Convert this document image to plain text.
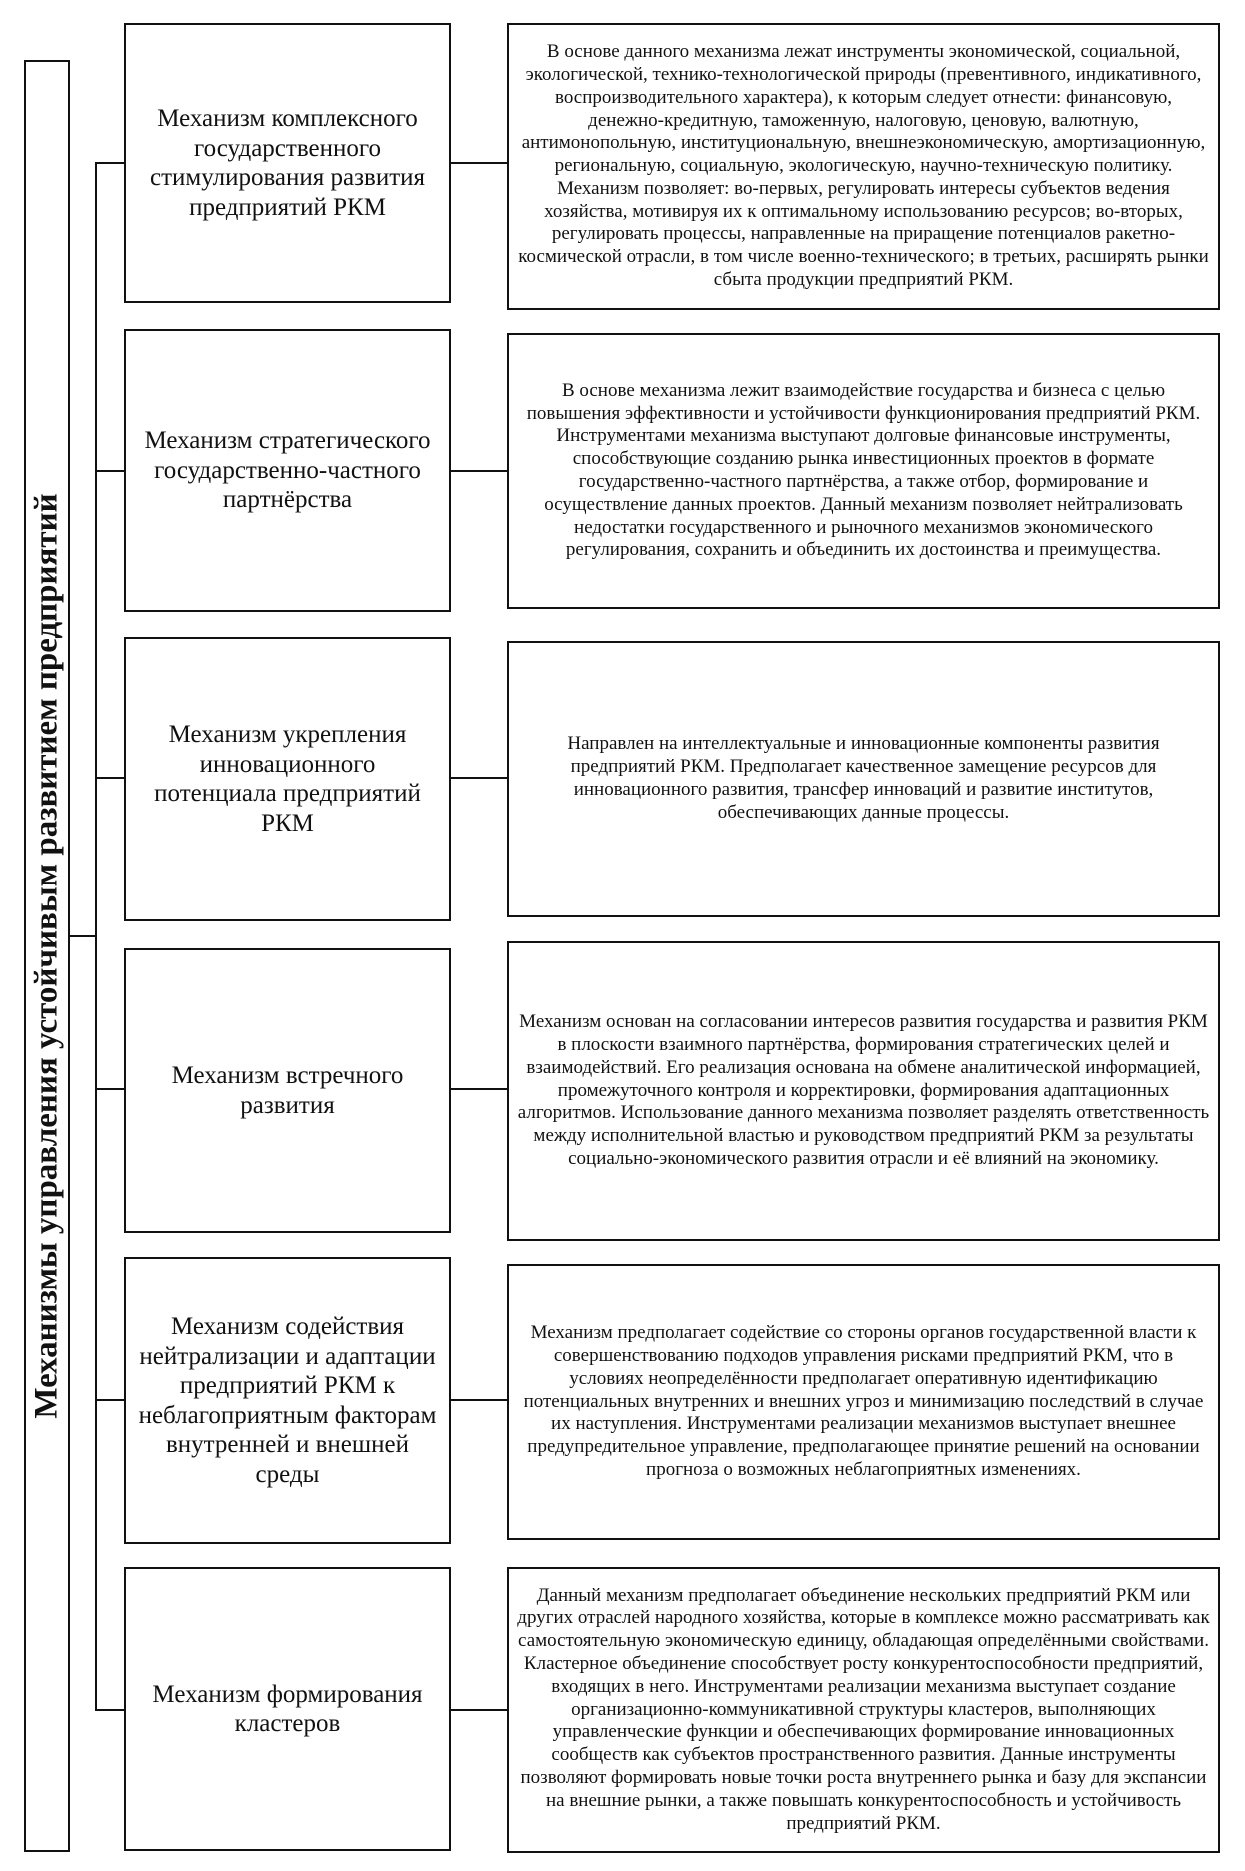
Механизмы управления устойчивым развитием предприятий
Механизм комплексного государственного стимулирования развития предприятий РКМ
В основе данного механизма лежат инструменты экономической, социальной, экологической, технико-технологической природы (превентивного, индикативного, воспроизводительного характера), к которым следует отнести: финансовую, денежно-кредитную, таможенную, налоговую, ценовую, валютную, антимонопольную, институциональную, внешнеэкономическую, амортизационную, региональную, социальную, экологическую, научно-техническую политику. Механизм позволяет: во-первых, регулировать интересы субъектов ведения хозяйства, мотивируя их к оптимальному использованию ресурсов; во-вторых, регулировать процессы, направленные на приращение потенциалов ракетно-космической отрасли, в том числе военно-технического; в третьих, расширять рынки сбыта продукции предприятий РКМ.
Механизм стратегического государственно-частного партнёрства
В основе механизма лежит взаимодействие государства и бизнеса с целью повышения эффективности и устойчивости функционирования предприятий РКМ. Инструментами механизма выступают долговые финансовые инструменты, способствующие созданию рынка инвестиционных проектов в формате государственно-частного партнёрства, а также отбор, формирование и осуществление данных проектов. Данный механизм позволяет нейтрализовать недостатки государственного и рыночного механизмов экономического регулирования, сохранить и объединить их достоинства и преимущества.
Механизм укрепления инновационного потенциала предприятий РКМ
Направлен на интеллектуальные и инновационные компоненты развития предприятий РКМ. Предполагает качественное замещение ресурсов для инновационного развития, трансфер инноваций и развитие институтов, обеспечивающих данные процессы.
Механизм встречного развития
Механизм основан на согласовании интересов развития государства и развития РКМ в плоскости взаимного партнёрства, формирования стратегических целей и взаимодействий. Его реализация основана на обмене аналитической информацией, промежуточного контроля и корректировки, формирования адаптационных алгоритмов. Использование данного механизма позволяет разделять ответственность между исполнительной властью и руководством предприятий РКМ за результаты социально-экономического развития отрасли и её влияний на экономику.
Механизм содействия нейтрализации и адаптации предприятий РКМ к неблагоприятным факторам внутренней и внешней среды
Механизм предполагает содействие со стороны органов государственной власти к совершенствованию подходов управления рисками предприятий РКМ, что в условиях неопределённости предполагает оперативную идентификацию потенциальных внутренних и внешних угроз и минимизацию последствий в случае их наступления. Инструментами реализации механизмов выступает внешнее предупредительное управление, предполагающее принятие решений на основании прогноза о возможных неблагоприятных изменениях.
Механизм формирования кластеров
Данный механизм предполагает объединение нескольких предприятий РКМ или других отраслей народного хозяйства, которые в комплексе можно рассматривать как самостоятельную экономическую единицу, обладающая определёнными свойствами. Кластерное объединение способствует росту конкурентоспособности предприятий, входящих в него. Инструментами реализации механизма выступает создание организационно-коммуникативной структуры кластеров, выполняющих управленческие функции и обеспечивающих формирование инновационных сообществ как субъектов пространственного развития. Данные инструменты позволяют формировать новые точки роста внутреннего рынка и базу для экспансии на внешние рынки, а также повышать конкурентоспособность и устойчивость предприятий РКМ.
